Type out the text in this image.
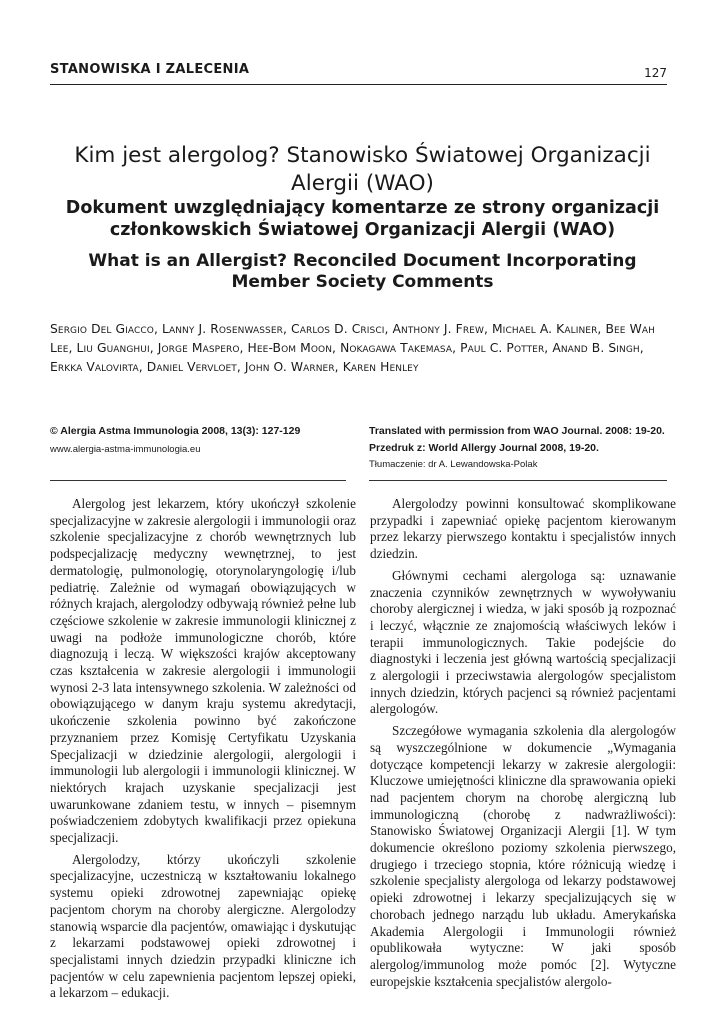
STANOWISKA I ZALECENIA	127
Kim jest alergolog? Stanowisko Światowej Organizacji Alergii (WAO)
Dokument uwzględniający komentarze ze strony organizacji członkowskich Światowej Organizacji Alergii (WAO)
What is an Allergist? Reconciled Document Incorporating Member Society Comments
Sergio Del Giacco, Lanny J. Rosenwasser, Carlos D. Crisci, Anthony J. Frew, Michael A. Kaliner, Bee Wah Lee, Liu Guanghui, Jorge Maspero, Hee-Bom Moon, Nokagawa Takemasa, Paul C. Potter, Anand B. Singh, Erkka Valovirta, Daniel Vervloet, John O. Warner, Karen Henley
© Alergia Astma Immunologia 2008, 13(3): 127-129
www.alergia-astma-immunologia.eu
Translated with permission from WAO Journal. 2008: 19-20.
Przedruk z: World Allergy Journal 2008, 19-20.
Tłumaczenie: dr A. Lewandowska-Polak

Alergolog jest lekarzem, który ukończył szkolenie specjalizacyjne w zakresie alergologii i immunologii oraz szkolenie specjalizacyjne z chorób wewnętrznych lub podspecjalizację medyczny wewnętrznej, to jest dermatologię, pulmonologię, otorynolaryngologię i/lub pediatrię. Zależnie od wymagań obowiązujących w różnych krajach, alergolodzy odbywają również pełne lub częściowe szkolenie w zakresie immunologii klinicznej z uwagi na podłoże immunologiczne chorób, które diagnozują i leczą. W większości krajów akceptowany czas kształcenia w zakresie alergologii i immunologii wynosi 2-3 lata intensywnego szkolenia. W zależności od obowiązującego w danym kraju systemu akredytacji, ukończenie szkolenia powinno być zakończone przyznaniem przez Komisję Certyfikatu Uzyskania Specjalizacji w dziedzinie alergologii, alergologii i immunologii lub alergologii i immunologii klinicznej. W niektórych krajach uzyskanie specjalizacji jest uwarunkowane zdaniem testu, w innych – pisemnym poświadczeniem zdobytych kwalifikacji przez opiekuna specjalizacji.

Alergolodzy, którzy ukończyli szkolenie specjalizacyjne, uczestniczą w kształtowaniu lokalnego systemu opieki zdrowotnej zapewniając opiekę pacjentom chorym na choroby alergiczne. Alergolodzy stanowią wsparcie dla pacjentów, omawiając i dyskutując z lekarzami podstawowej opieki zdrowotnej i specjalistami innych dziedzin przypadki kliniczne ich pacjentów w celu zapewnienia pacjentom lepszej opieki, a lekarzom – edukacji.

Alergolodzy powinni konsultować skomplikowane przypadki i zapewniać opiekę pacjentom kierowanym przez lekarzy pierwszego kontaktu i specjalistów innych dziedzin.

Głównymi cechami alergologa są: uznawanie znaczenia czynników zewnętrznych w wywoływaniu choroby alergicznej i wiedza, w jaki sposób ją rozpoznać i leczyć, włącznie ze znajomością właściwych leków i terapii immunologicznych. Takie podejście do diagnostyki i leczenia jest główną wartością specjalizacji z alergologii i przeciwstawia alergologów specjalistom innych dziedzin, których pacjenci są również pacjentami alergologów.

Szczegółowe wymagania szkolenia dla alergologów są wyszczególnione w dokumencie „Wymagania dotyczące kompetencji lekarzy w zakresie alergologii: Kluczowe umiejętności kliniczne dla sprawowania opieki nad pacjentem chorym na chorobę alergiczną lub immunologiczną (chorobę z nadwrażliwości): Stanowisko Światowej Organizacji Alergii [1]. W tym dokumencie określono poziomy szkolenia pierwszego, drugiego i trzeciego stopnia, które różnicują wiedzę i szkolenie specjalisty alergologa od lekarzy podstawowej opieki zdrowotnej i lekarzy specjalizujących się w chorobach jednego narządu lub układu. Amerykańska Akademia Alergologii i Immunologii również opublikowała wytyczne: W jaki sposób alergolog/immunolog może pomóc [2]. Wytyczne europejskie kształcenia specjalistów alergolo-
